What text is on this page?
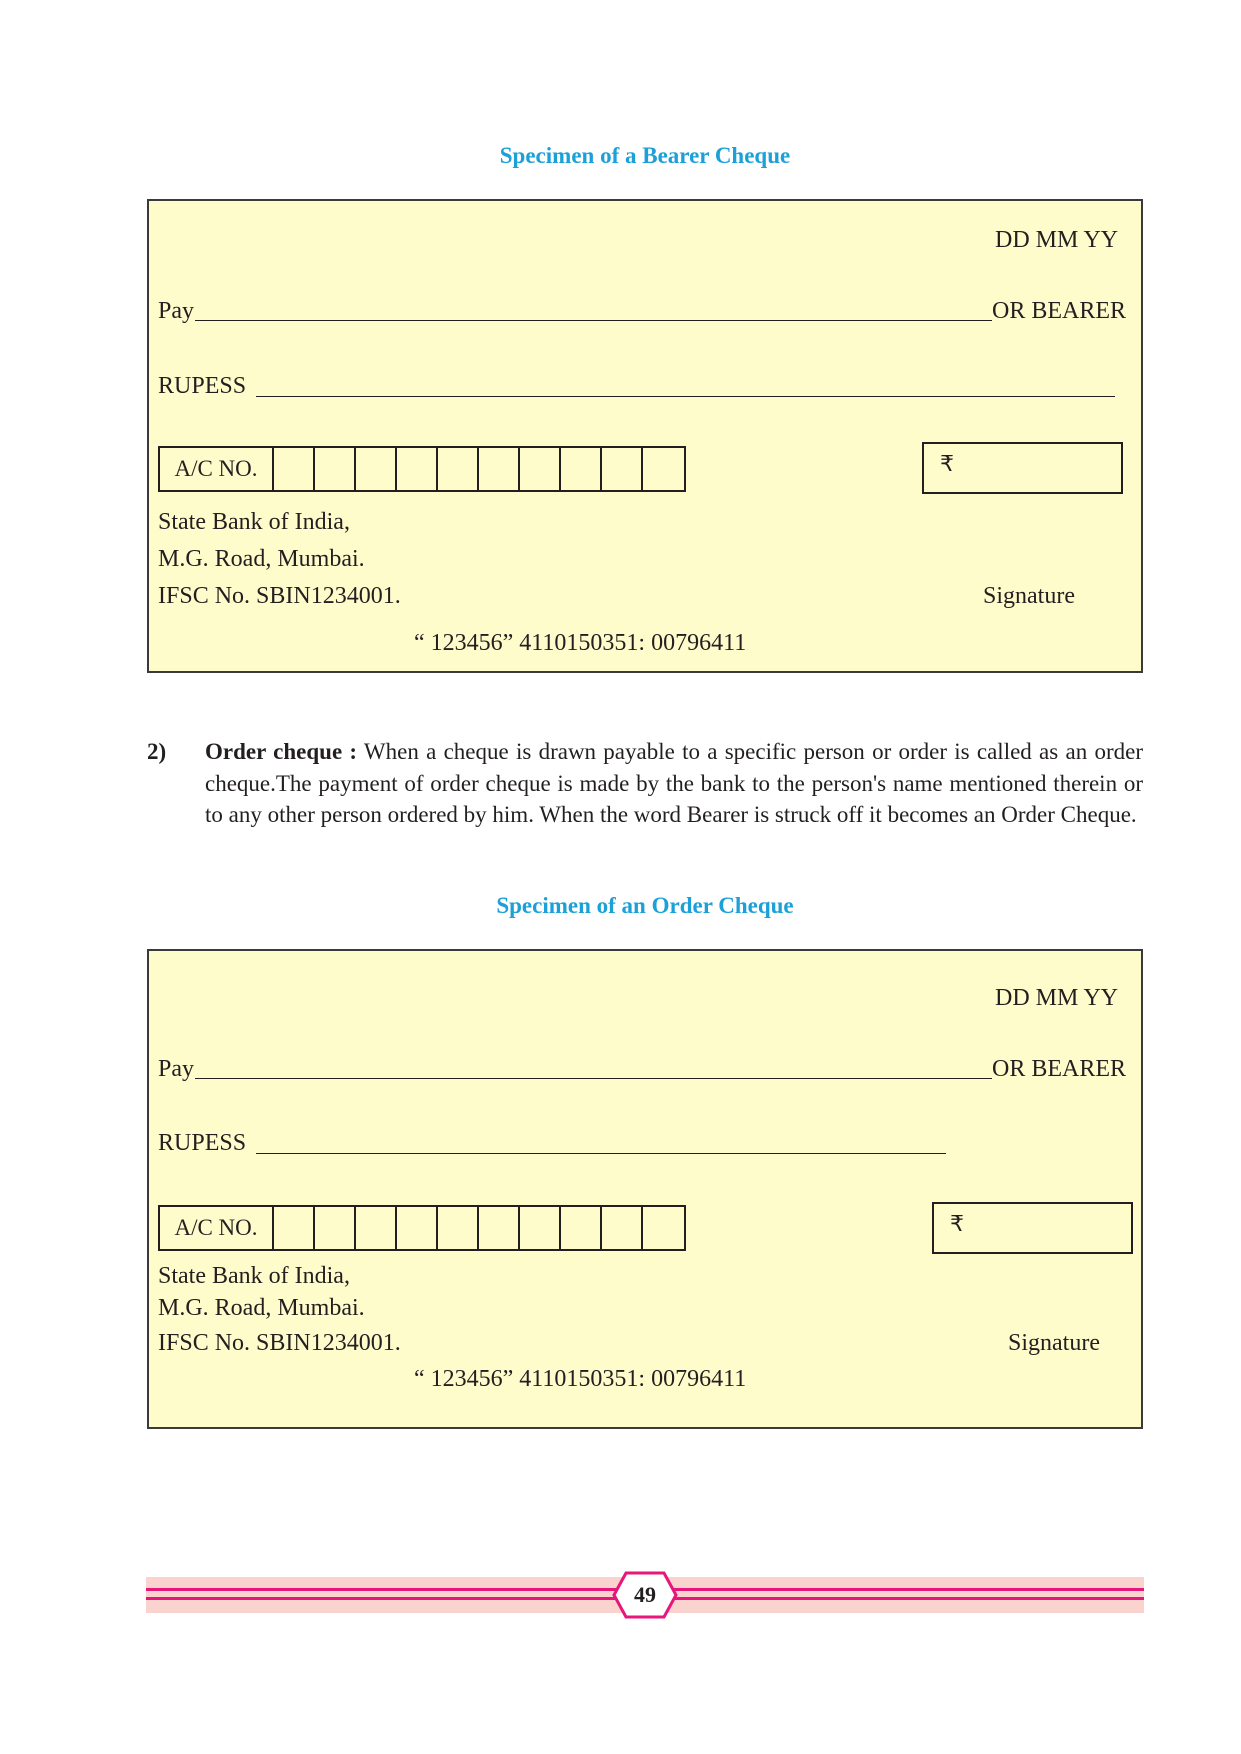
Specimen of a Bearer Cheque
DD MM YY
Pay	OR BEARER
RUPESS
A/C NO.	₹
State Bank of India,
M.G. Road, Mumbai.
IFSC No. SBIN1234001.	Signature
“ 123456” 4110150351: 00796411
2) Order cheque : When a cheque is drawn payable to a specific person or order is called as an order cheque.The payment of order cheque is made by the bank to the person's name mentioned therein or to any other person ordered by him. When the word Bearer is struck off it becomes an Order Cheque.
Specimen of an Order Cheque
DD MM YY
Pay	OR BEARER
RUPESS
A/C NO.	₹
State Bank of India,
M.G. Road, Mumbai.
IFSC No. SBIN1234001.	Signature
“ 123456” 4110150351: 00796411
49
